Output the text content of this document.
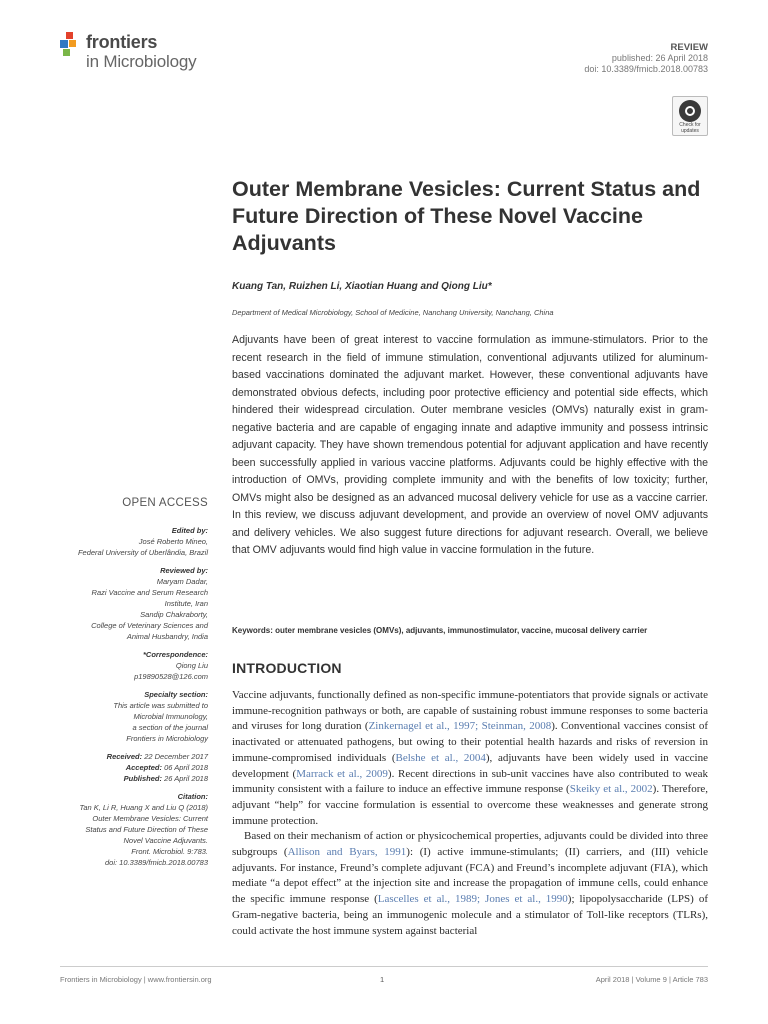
frontiers
in Microbiology
REVIEW
published: 26 April 2018
doi: 10.3389/fmicb.2018.00783
Check for
updates
Outer Membrane Vesicles: Current Status and Future Direction of These Novel Vaccine Adjuvants
Kuang Tan, Ruizhen Li, Xiaotian Huang and Qiong Liu*
Department of Medical Microbiology, School of Medicine, Nanchang University, Nanchang, China
Adjuvants have been of great interest to vaccine formulation as immune-stimulators. Prior to the recent research in the field of immune stimulation, conventional adjuvants utilized for aluminum-based vaccinations dominated the adjuvant market. However, these conventional adjuvants have demonstrated obvious defects, including poor protective efficiency and potential side effects, which hindered their widespread circulation. Outer membrane vesicles (OMVs) naturally exist in gram-negative bacteria and are capable of engaging innate and adaptive immunity and possess intrinsic adjuvant capacity. They have shown tremendous potential for adjuvant application and have recently been successfully applied in various vaccine platforms. Adjuvants could be highly effective with the introduction of OMVs, providing complete immunity and with the benefits of low toxicity; further, OMVs might also be designed as an advanced mucosal delivery vehicle for use as a vaccine carrier. In this review, we discuss adjuvant development, and provide an overview of novel OMV adjuvants and delivery vehicles. We also suggest future directions for adjuvant research. Overall, we believe that OMV adjuvants would find high value in vaccine formulation in the future.
Keywords: outer membrane vesicles (OMVs), adjuvants, immunostimulator, vaccine, mucosal delivery carrier
INTRODUCTION

Vaccine adjuvants, functionally defined as non-specific immune-potentiators that provide signals or activate immune-recognition pathways or both, are capable of sustaining robust immune responses to some bacteria and viruses for long duration (Zinkernagel et al., 1997; Steinman, 2008). Conventional vaccines consist of inactivated or attenuated pathogens, but owing to their potential health hazards and risks of reversion in immune-compromised individuals (Belshe et al., 2004), adjuvants have been widely used in vaccine development (Marrack et al., 2009). Recent directions in sub-unit vaccines have also contributed to weak immunity consistent with a failure to induce an effective immune response (Skeiky et al., 2002). Therefore, adjuvant “help” for vaccine formulation is essential to overcome these weaknesses and generate strong immune protection.

Based on their mechanism of action or physicochemical properties, adjuvants could be divided into three subgroups (Allison and Byars, 1991): (I) active immune-stimulants; (II) carriers, and (III) vehicle adjuvants. For instance, Freund’s complete adjuvant (FCA) and Freund’s incomplete adjuvant (FIA), which mediate “a depot effect” at the injection site and increase the propagation of immune cells, could enhance the specific immune response (Lascelles et al., 1989; Jones et al., 1990); lipopolysaccharide (LPS) of Gram-negative bacteria, being an immunogenic molecule and a stimulator of Toll-like receptors (TLRs), could activate the host immune system against bacterial

OPEN ACCESS
Edited by:
José Roberto Mineo,
Federal University of Uberlândia, Brazil
Reviewed by:
Maryam Dadar,
Razi Vaccine and Serum Research
Institute, Iran
Sandip Chakraborty,
College of Veterinary Sciences and
Animal Husbandry, India
*Correspondence:
Qiong Liu
p19890528@126.com
Specialty section:
This article was submitted to
Microbial Immunology,
a section of the journal
Frontiers in Microbiology
Received: 22 December 2017
Accepted: 06 April 2018
Published: 26 April 2018
Citation:
Tan K, Li R, Huang X and Liu Q (2018)
Outer Membrane Vesicles: Current
Status and Future Direction of These
Novel Vaccine Adjuvants.
Front. Microbiol. 9:783.
doi: 10.3389/fmicb.2018.00783
Frontiers in Microbiology | www.frontiersin.org	1	April 2018 | Volume 9 | Article 783
